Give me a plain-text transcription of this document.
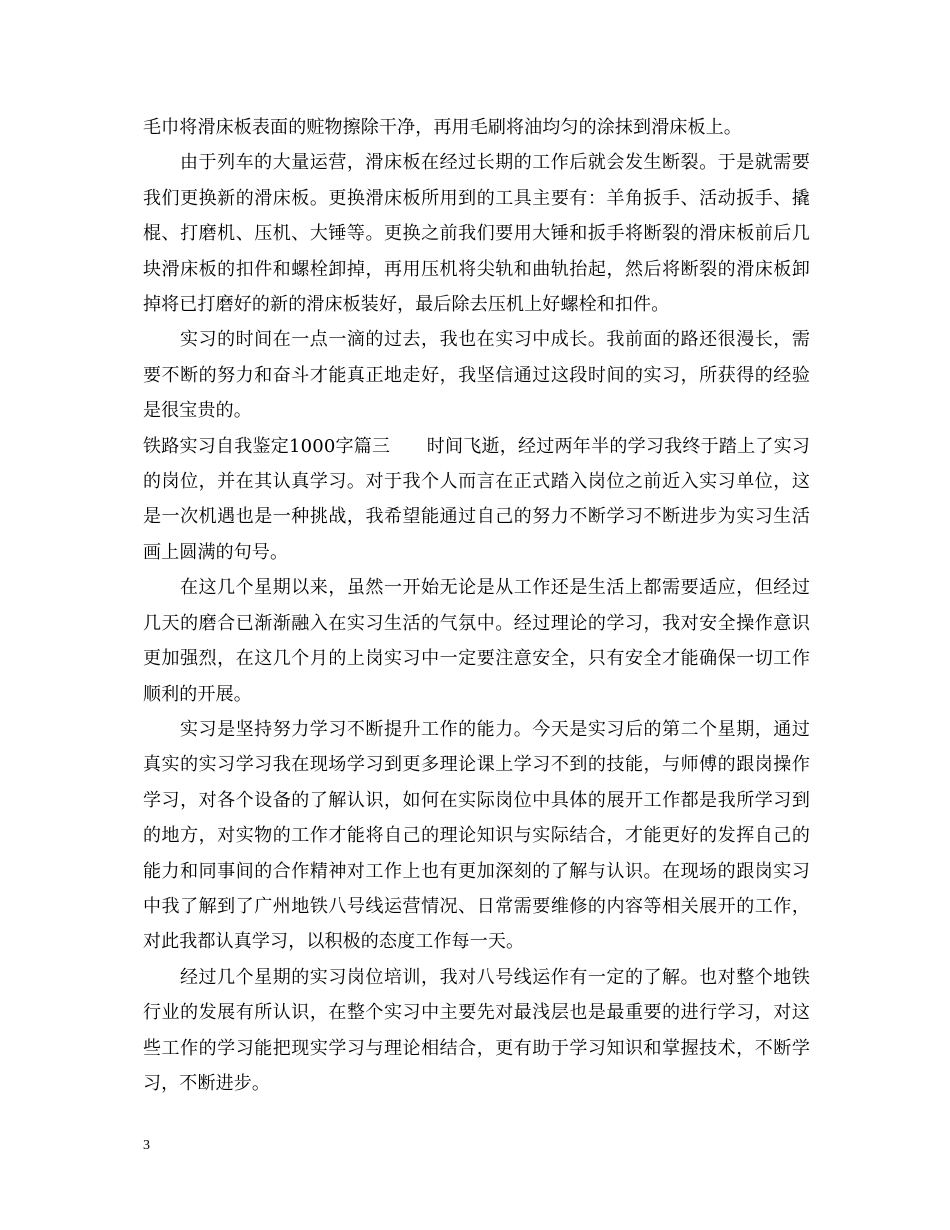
毛巾将滑床板表面的赃物擦除干净，再用毛刷将油均匀的涂抹到滑床板上。

由于列车的大量运营，滑床板在经过长期的工作后就会发生断裂。于是就需要我们更换新的滑床板。更换滑床板所用到的工具主要有：羊角扳手、活动扳手、撬棍、打磨机、压机、大锤等。更换之前我们要用大锤和扳手将断裂的滑床板前后几块滑床板的扣件和螺栓卸掉，再用压机将尖轨和曲轨抬起，然后将断裂的滑床板卸掉将已打磨好的新的滑床板装好，最后除去压机上好螺栓和扣件。

实习的时间在一点一滴的过去，我也在实习中成长。我前面的路还很漫长，需要不断的努力和奋斗才能真正地走好，我坚信通过这段时间的实习，所获得的经验是很宝贵的。

铁路实习自我鉴定1000字篇三　　时间飞逝，经过两年半的学习我终于踏上了实习的岗位，并在其认真学习。对于我个人而言在正式踏入岗位之前近入实习单位，这是一次机遇也是一种挑战，我希望能通过自己的努力不断学习不断进步为实习生活画上圆满的句号。

在这几个星期以来，虽然一开始无论是从工作还是生活上都需要适应，但经过几天的磨合已渐渐融入在实习生活的气氛中。经过理论的学习，我对安全操作意识更加强烈，在这几个月的上岗实习中一定要注意安全，只有安全才能确保一切工作顺利的开展。

实习是坚持努力学习不断提升工作的能力。今天是实习后的第二个星期，通过真实的实习学习我在现场学习到更多理论课上学习不到的技能，与师傅的跟岗操作学习，对各个设备的了解认识，如何在实际岗位中具体的展开工作都是我所学习到的地方，对实物的工作才能将自己的理论知识与实际结合，才能更好的发挥自己的能力和同事间的合作精神对工作上也有更加深刻的了解与认识。在现场的跟岗实习中我了解到了广州地铁八号线运营情况、日常需要维修的内容等相关展开的工作，对此我都认真学习，以积极的态度工作每一天。

经过几个星期的实习岗位培训，我对八号线运作有一定的了解。也对整个地铁行业的发展有所认识，在整个实习中主要先对最浅层也是最重要的进行学习，对这些工作的学习能把现实学习与理论相结合，更有助于学习知识和掌握技术，不断学习，不断进步。

3
